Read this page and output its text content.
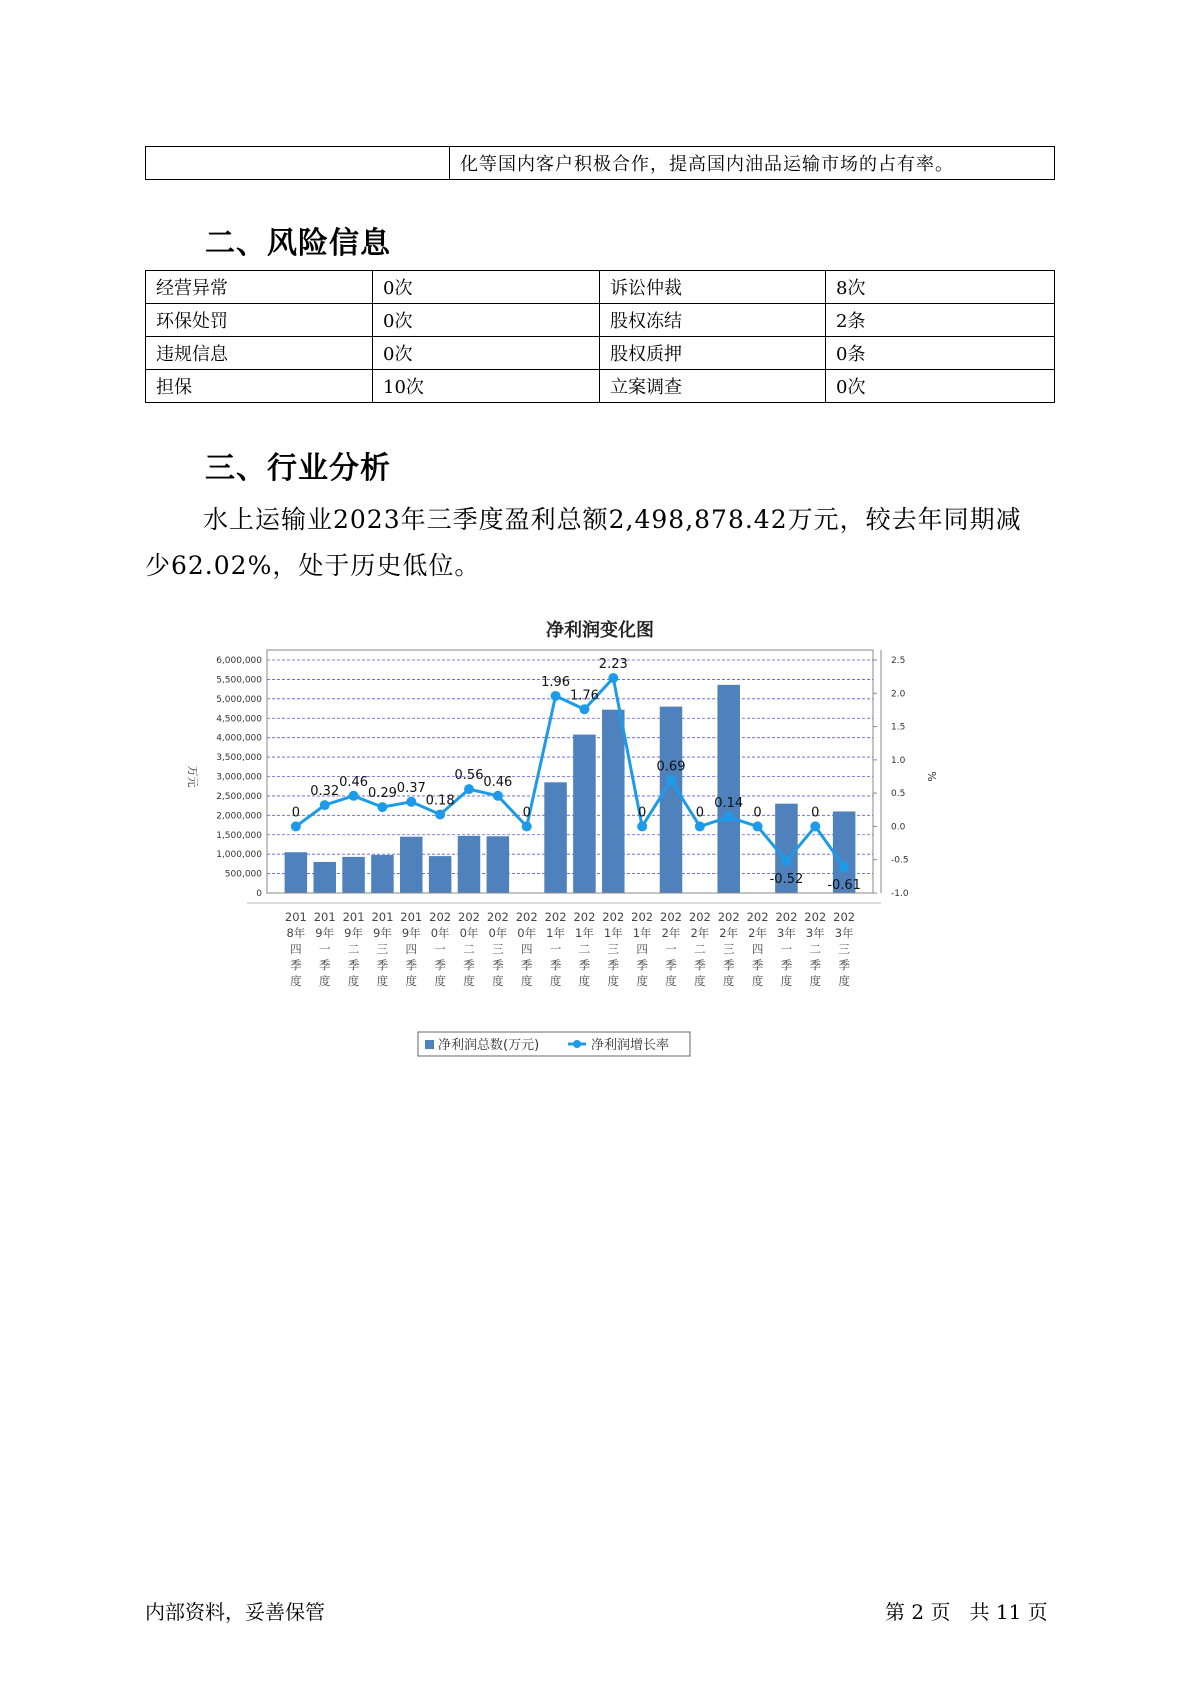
	化等国内客户积极合作，提高国内油品运输市场的占有率。
二、风险信息
经营异常	0次	诉讼仲裁	8次
环保处罚	0次	股权冻结	2条
违规信息	0次	股权质押	0条
担保	10次	立案调查	0次
三、行业分析
水上运输业2023年三季度盈利总额2,498,878.42万元，较去年同期减
少62.02%，处于历史低位。
净利润变化图
0
0.32
0.46
0.29 0.37
0.18
0.56 0.46
0
1.96
1.76
2.23
0
0.69
0
0.14
0
-0.52
0
-0.61
0
500,000
1,000,000
1,500,000
2,000,000
2,500,000
3,000,000
3,500,000
4,000,000
4,500,000
5,000,000
5,500,000
6,000,000
-1.0
-0.5
0.0
0.5
1.0
1.5
2.0
2.5
万元	%
201
8年
四
季
度
201
9年
一
季
度
201
9年
二
季
度
201
9年
三
季
度
201
9年
四
季
度
202
0年
一
季
度
202
0年
二
季
度
202
0年
三
季
度
202
0年
四
季
度
202
1年
一
季
度
202
1年
二
季
度
202
1年
三
季
度
202
1年
四
季
度
202
2年
一
季
度
202
2年
二
季
度
202
2年
三
季
度
202
2年
四
季
度
202
3年
一
季
度
202
3年
二
季
度
202
3年
三
季
度
净利润总数(万元)	净利润增长率
内部资料，妥善保管	第 2 页   共 11 页
